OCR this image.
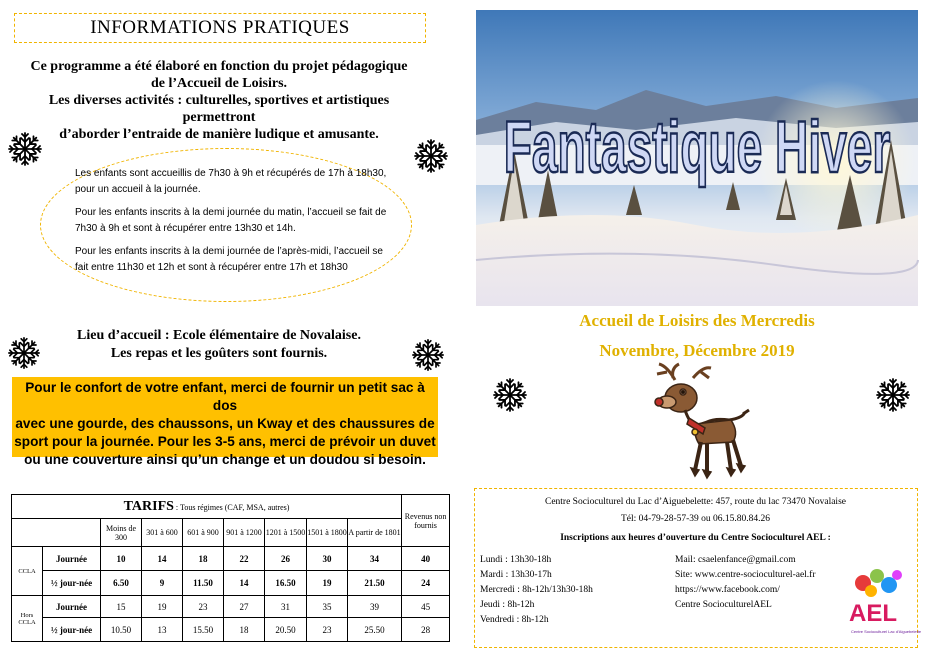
INFORMATIONS PRATIQUES
Ce programme a été élaboré en fonction du projet pédagogique
de l’Accueil de Loisirs.
Les diverses activités : culturelles, sportives et artistiques permettront
d’aborder l’entraide de manière ludique et amusante.

Les enfants sont accueillis de 7h30 à 9h et récupérés de 17h à 18h30, pour un accueil à la journée.

Pour les enfants inscrits à la demi journée du matin, l’accueil se fait de 7h30 à 9h et sont à récupérer entre 13h30 et 14h.

Pour les enfants inscrits à la demi journée de l’après-midi, l’accueil se fait entre 11h30 et 12h et sont à récupérer entre 17h et 18h30

Lieu d’accueil : Ecole élémentaire de Novalaise.
Les repas et les goûters sont fournis.
Pour le confort de votre enfant, merci de fournir un petit sac à dos
avec une gourde, des chaussons, un Kway et des chaussures de
sport pour la journée. Pour les 3-5 ans, merci de prévoir un duvet
ou une couverture ainsi qu’un change et un doudou si besoin.
TARIFS : Tous régimes (CAF, MSA, autres)									Revenus non fournis
		Moins de 300	301 à 600	601 à 900	901 à 1200	1201 à 1500	1501 à 1800	A partir de 1801	
CCLA	Journée	10	14	18	22	26	30	34	40
	½ jour-née	6.50	9	11.50	14	16.50	19	21.50	24
Hors CCLA	Journée	15	19	23	27	31	35	39	45
	½ jour-née	10.50	13	15.50	18	20.50	23	25.50	28
Fantastique Hiver
Accueil de Loisirs des Mercredis
Novembre, Décembre 2019
Centre Socioculturel du Lac d’Aiguebelette: 457, route du lac 73470 Novalaise
Tél: 04-79-28-57-39 ou 06.15.80.84.26
Inscriptions aux heures d’ouverture du Centre Socioculturel AEL :
Lundi : 13h30-18h
Mardi : 13h30-17h
Mercredi : 8h-12h/13h30-18h
Jeudi : 8h-12h
Vendredi : 8h-12h
Mail: csaelenfance@gmail.com
Site: www.centre-socioculturel-ael.fr
https://www.facebook.com/
Centre SocioculturelAEL	AEL
Centre Socioculturel Lac d’Aiguebelette
